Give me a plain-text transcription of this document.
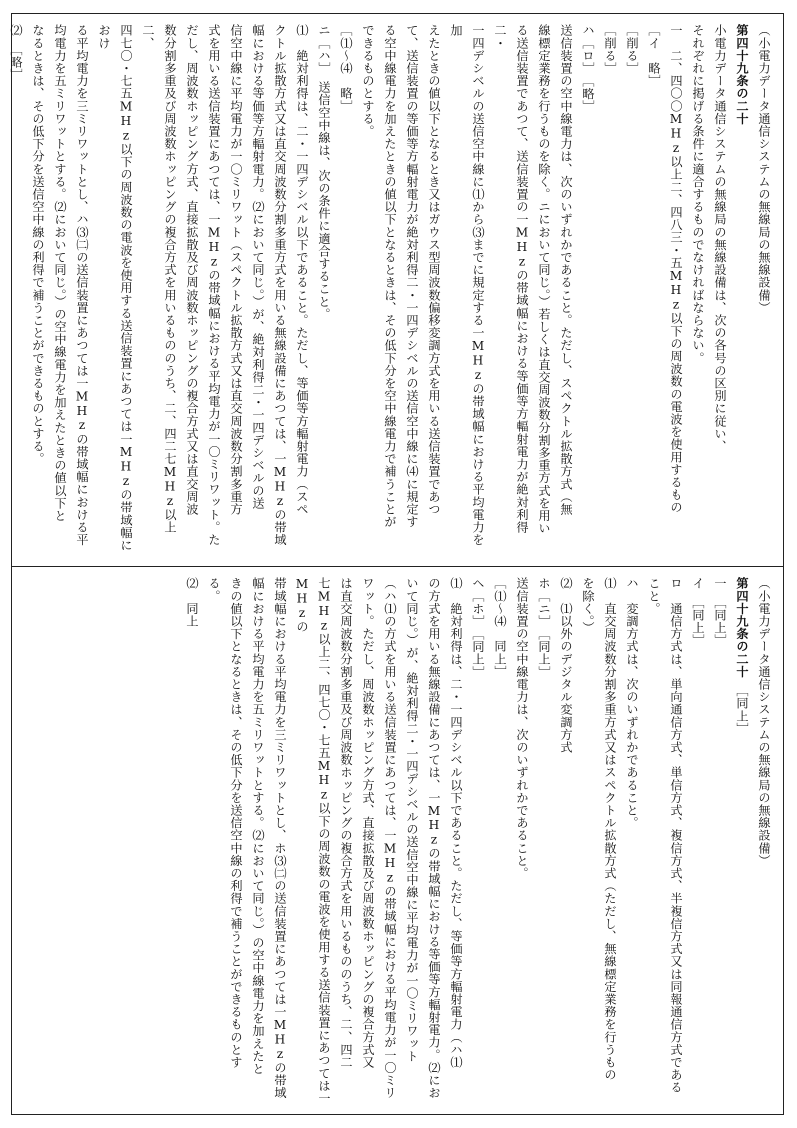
（小電力データ通信システムの無線局の無線設備）

第四十九条の二十

小電力データ通信システムの無線局の無線設備は、次の各号の区別に従い、

それぞれに掲げる条件に適合するものでなければならない。

一　二、四〇〇MHz以上二、四八三・五MHz以下の周波数の電波を使用するもの

［イ　略］

［削る］

［削る］

ハ［ロ］　［略］

送信装置の空中線電力は、次のいずれかであること。ただし、スペクトル拡散方式（無

線標定業務を行うものを除く。ニにおいて同じ。）若しくは直交周波数分割多重方式を用い

る送信装置であつて、送信装置の一MHzの帯域幅における等価等方輻射電力が絶対利得二・

一四デシベルの送信空中線に⑴から⑶までに規定する一MHzの帯域幅における平均電力を加

えたときの値以下となるとき又はガウス型周波数偏移変調方式を用いる送信装置であつ

て、送信装置の等価等方輻射電力が絶対利得二・一四デシベルの送信空中線に⑷に規定す

る空中線電力を加えたときの値以下となるときは、その低下分を空中線電力で補うことが

できるものとする。

［⑴～⑷　略］

ニ［ハ］　送信空中線は、次の条件に適合すること。

⑴　絶対利得は、二・一四デシベル以下であること。ただし、等価等方輻射電力（スペ

クトル拡散方式又は直交周波数分割多重方式を用いる無線設備にあつては、一MHzの帯域

幅における等価等方輻射電力。⑵において同じ。）が、絶対利得二・一四デシベルの送

信空中線に平均電力が一〇ミリワット（スペクトル拡散方式又は直交周波数分割多重方

式を用いる送信装置にあつては、一MHzの帯域幅における平均電力が一〇ミリワット。た

だし、周波数ホッピング方式、直接拡散及び周波数ホッピングの複合方式又は直交周波

数分割多重及び周波数ホッピングの複合方式を用いるもののうち、二、四二七MHz以上二、

四七〇・七五MHz以下の周波数の電波を使用する送信装置にあつては一MHzの帯域幅におけ

る平均電力を三ミリワットとし、ハ⑶㈡の送信装置にあつては一MHzの帯域幅における平

均電力を五ミリワットとする。⑵において同じ。）の空中線電力を加えたときの値以下と

なるときは、その低下分を送信空中線の利得で補うことができるものとする。

⑵　［略］

（小電力データ通信システムの無線局の無線設備）

第四十九条の二十　［同上］

一　［同上］

イ　［同上］

ロ　通信方式は、単向通信方式、単信方式、複信方式、半複信方式又は同報通信方式である

こと。

ハ　変調方式は、次のいずれかであること。

⑴　直交周波数分割多重方式又はスペクトル拡散方式（ただし、無線標定業務を行うもの

を除く。）

⑵　⑴以外のデジタル変調方式

ホ［ニ］　［同上］

送信装置の空中線電力は、次のいずれかであること。

［⑴～⑷　同上］

ヘ［ホ］　［同上］

⑴　絶対利得は、二・一四デシベル以下であること。ただし、等価等方輻射電力（ハ⑴

の方式を用いる無線設備にあつては、一MHzの帯域幅における等価等方輻射電力。⑵にお

いて同じ。）が、絶対利得二・一四デシベルの送信空中線に平均電力が一〇ミリワット

（ハ⑴の方式を用いる送信装置にあつては、一MHzの帯域幅における平均電力が一〇ミリ

ワット。ただし、周波数ホッピング方式、直接拡散及び周波数ホッピングの複合方式又

は直交周波数分割多重及び周波数ホッピングの複合方式を用いるもののうち、二、四二

七MHz以上二、四七〇・七五MHz以下の周波数の電波を使用する送信装置にあつては一MHzの

帯域幅における平均電力を三ミリワットとし、ホ⑶㈡の送信装置にあつては一MHzの帯域

幅における平均電力を五ミリワットとする。⑵において同じ。）の空中線電力を加えたと

きの値以下となるときは、その低下分を送信空中線の利得で補うことができるものとす

る。

⑵　同上
